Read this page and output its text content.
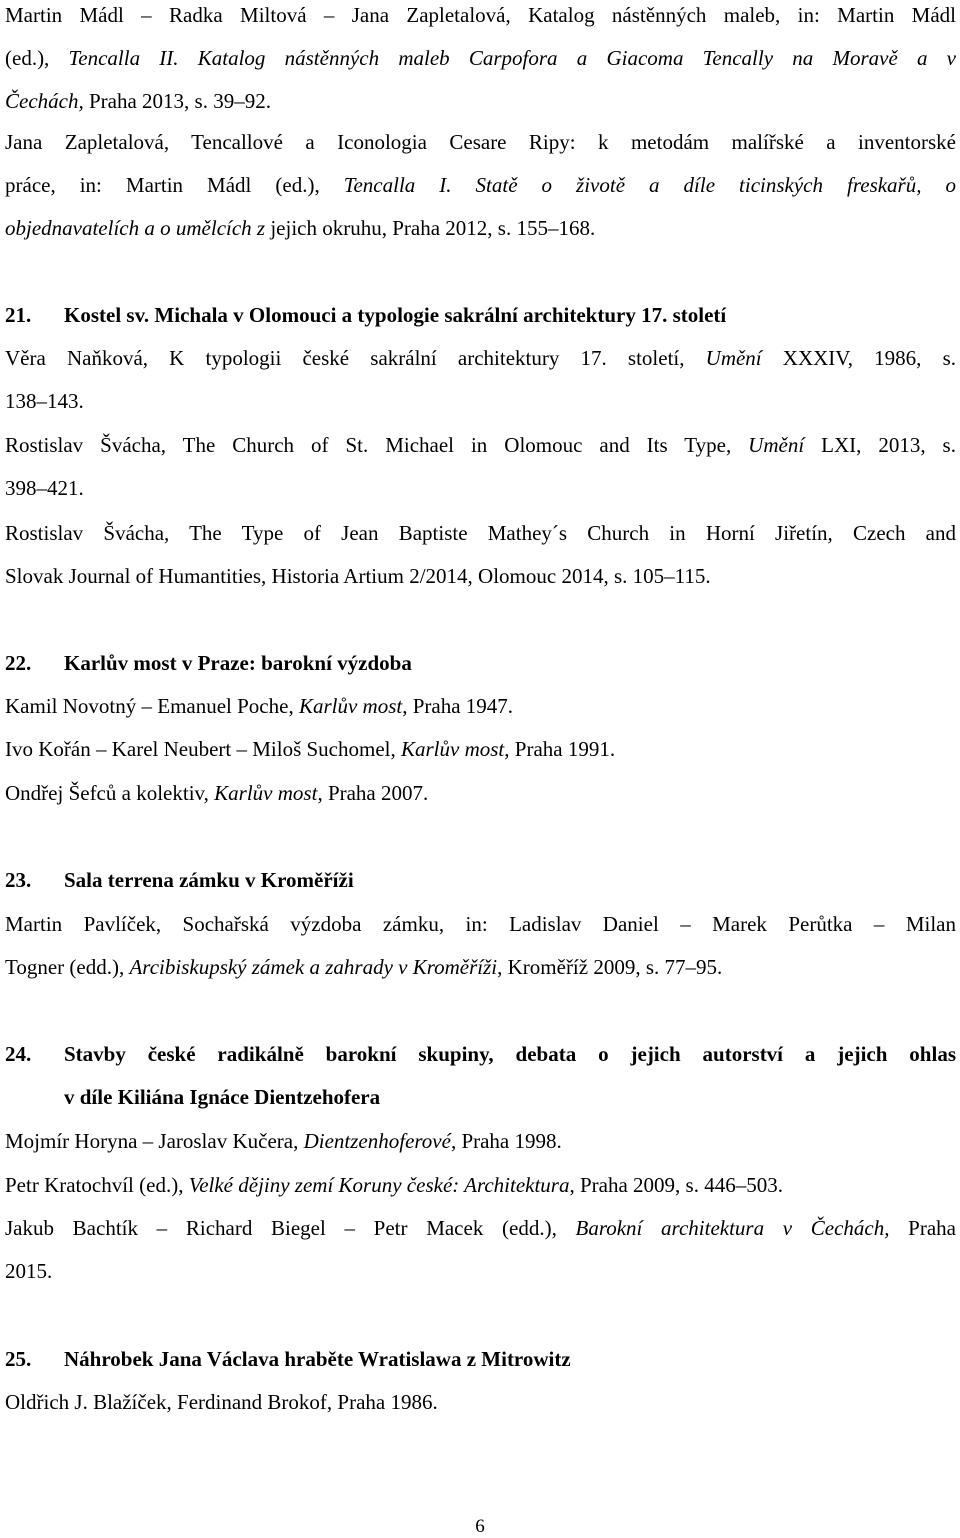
Martin Mádl – Radka Miltová – Jana Zapletalová, Katalog nástěnných maleb, in: Martin Mádl
(ed.), Tencalla II. Katalog nástěnných maleb Carpofora a Giacoma Tencally na Moravě a v
Čechách, Praha 2013, s. 39–92.
Jana Zapletalová, Tencallové a Iconologia Cesare Ripy: k metodám malířské a inventorské
práce, in: Martin Mádl (ed.), Tencalla I. Statě o životě a díle ticinských freskařů, o
objednavatelích a o umělcích z jejich okruhu, Praha 2012, s. 155–168.
21. Kostel sv. Michala v Olomouci a typologie sakrální architektury 17. století
Věra Naňková, K typologii české sakrální architektury 17. století, Umění XXXIV, 1986, s.
138–143.
Rostislav Švácha, The Church of St. Michael in Olomouc and Its Type, Umění LXI, 2013, s.
398–421.
Rostislav Švácha, The Type of Jean Baptiste Mathey´s Church in Horní Jiřetín, Czech and
Slovak Journal of Humantities, Historia Artium 2/2014, Olomouc 2014, s. 105–115.
22. Karlův most v Praze: barokní výzdoba
Kamil Novotný – Emanuel Poche, Karlův most, Praha 1947.
Ivo Kořán – Karel Neubert – Miloš Suchomel, Karlův most, Praha 1991.
Ondřej Šefců a kolektiv, Karlův most, Praha 2007.
23. Sala terrena zámku v Kroměříži
Martin Pavlíček, Sochařská výzdoba zámku, in: Ladislav Daniel – Marek Perůtka – Milan
Togner (edd.), Arcibiskupský zámek a zahrady v Kroměříži, Kroměříž 2009, s. 77–95.
24. Stavby české radikálně barokní skupiny, debata o jejich autorství a jejich ohlas
v díle Kiliána Ignáce Dientzehofera
Mojmír Horyna – Jaroslav Kučera, Dientzenhoferové, Praha 1998.
Petr Kratochvíl (ed.), Velké dějiny zemí Koruny české: Architektura, Praha 2009, s. 446–503.
Jakub Bachtík – Richard Biegel – Petr Macek (edd.), Barokní architektura v Čechách, Praha
2015.
25. Náhrobek Jana Václava hraběte Wratislawa z Mitrowitz
Oldřich J. Blažíček, Ferdinand Brokof, Praha 1986.
6
